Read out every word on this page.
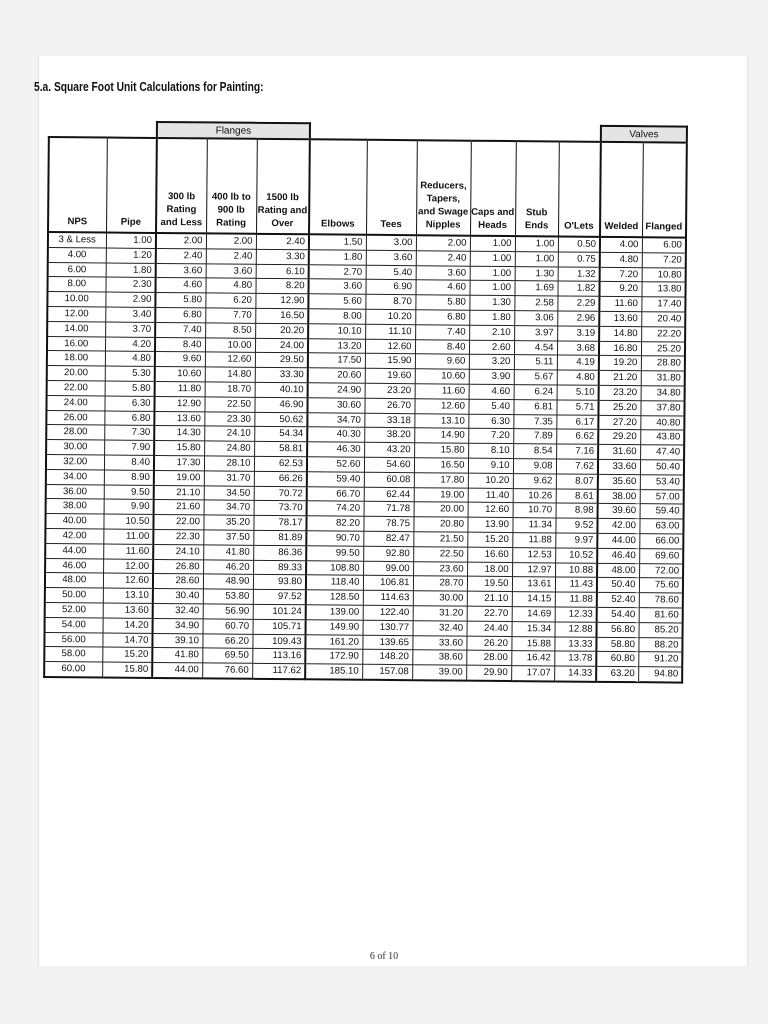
5.a. Square Foot Unit Calculations for Painting:
		Flanges									Valves	
NPS	Pipe	300 lb Rating and Less	400 lb to 900 lb Rating	1500 lb Rating and Over	Elbows	Tees	Reducers, Tapers, and Swage Nipples	Caps and Heads	Stub Ends	O'Lets	Welded	Flanged
3 & Less	1.00	2.00	2.00	2.40	1.50	3.00	2.00	1.00	1.00	0.50	4.00	6.00
4.00	1.20	2.40	2.40	3.30	1.80	3.60	2.40	1.00	1.00	0.75	4.80	7.20
6.00	1.80	3.60	3.60	6.10	2.70	5.40	3.60	1.00	1.30	1.32	7.20	10.80
8.00	2.30	4.60	4.80	8.20	3.60	6.90	4.60	1.00	1.69	1.82	9.20	13.80
10.00	2.90	5.80	6.20	12.90	5.60	8.70	5.80	1.30	2.58	2.29	11.60	17.40
12.00	3.40	6.80	7.70	16.50	8.00	10.20	6.80	1.80	3.06	2.96	13.60	20.40
14.00	3.70	7.40	8.50	20.20	10.10	11.10	7.40	2.10	3.97	3.19	14.80	22.20
16.00	4.20	8.40	10.00	24.00	13.20	12.60	8.40	2.60	4.54	3.68	16.80	25.20
18.00	4.80	9.60	12.60	29.50	17.50	15.90	9.60	3.20	5.11	4.19	19.20	28.80
20.00	5.30	10.60	14.80	33.30	20.60	19.60	10.60	3.90	5.67	4.80	21.20	31.80
22.00	5.80	11.80	18.70	40.10	24.90	23.20	11.60	4.60	6.24	5.10	23.20	34.80
24.00	6.30	12.90	22.50	46.90	30.60	26.70	12.60	5.40	6.81	5.71	25.20	37.80
26.00	6.80	13.60	23.30	50.62	34.70	33.18	13.10	6.30	7.35	6.17	27.20	40.80
28.00	7.30	14.30	24.10	54.34	40.30	38.20	14.90	7.20	7.89	6.62	29.20	43.80
30.00	7.90	15.80	24.80	58.81	46.30	43.20	15.80	8.10	8.54	7.16	31.60	47.40
32.00	8.40	17.30	28.10	62.53	52.60	54.60	16.50	9.10	9.08	7.62	33.60	50.40
34.00	8.90	19.00	31.70	66.26	59.40	60.08	17.80	10.20	9.62	8.07	35.60	53.40
36.00	9.50	21.10	34.50	70.72	66.70	62.44	19.00	11.40	10.26	8.61	38.00	57.00
38.00	9.90	21.60	34.70	73.70	74.20	71.78	20.00	12.60	10.70	8.98	39.60	59.40
40.00	10.50	22.00	35.20	78.17	82.20	78.75	20.80	13.90	11.34	9.52	42.00	63.00
42.00	11.00	22.30	37.50	81.89	90.70	82.47	21.50	15.20	11.88	9.97	44.00	66.00
44.00	11.60	24.10	41.80	86.36	99.50	92.80	22.50	16.60	12.53	10.52	46.40	69.60
46.00	12.00	26.80	46.20	89.33	108.80	99.00	23.60	18.00	12.97	10.88	48.00	72.00
48.00	12.60	28.60	48.90	93.80	118.40	106.81	28.70	19.50	13.61	11.43	50.40	75.60
50.00	13.10	30.40	53.80	97.52	128.50	114.63	30.00	21.10	14.15	11.88	52.40	78.60
52.00	13.60	32.40	56.90	101.24	139.00	122.40	31.20	22.70	14.69	12.33	54.40	81.60
54.00	14.20	34.90	60.70	105.71	149.90	130.77	32.40	24.40	15.34	12.88	56.80	85.20
56.00	14.70	39.10	66.20	109.43	161.20	139.65	33.60	26.20	15.88	13.33	58.80	88.20
58.00	15.20	41.80	69.50	113.16	172.90	148.20	38.60	28.00	16.42	13.78	60.80	91.20
60.00	15.80	44.00	76.60	117.62	185.10	157.08	39.00	29.90	17.07	14.33	63.20	94.80
6 of 10
